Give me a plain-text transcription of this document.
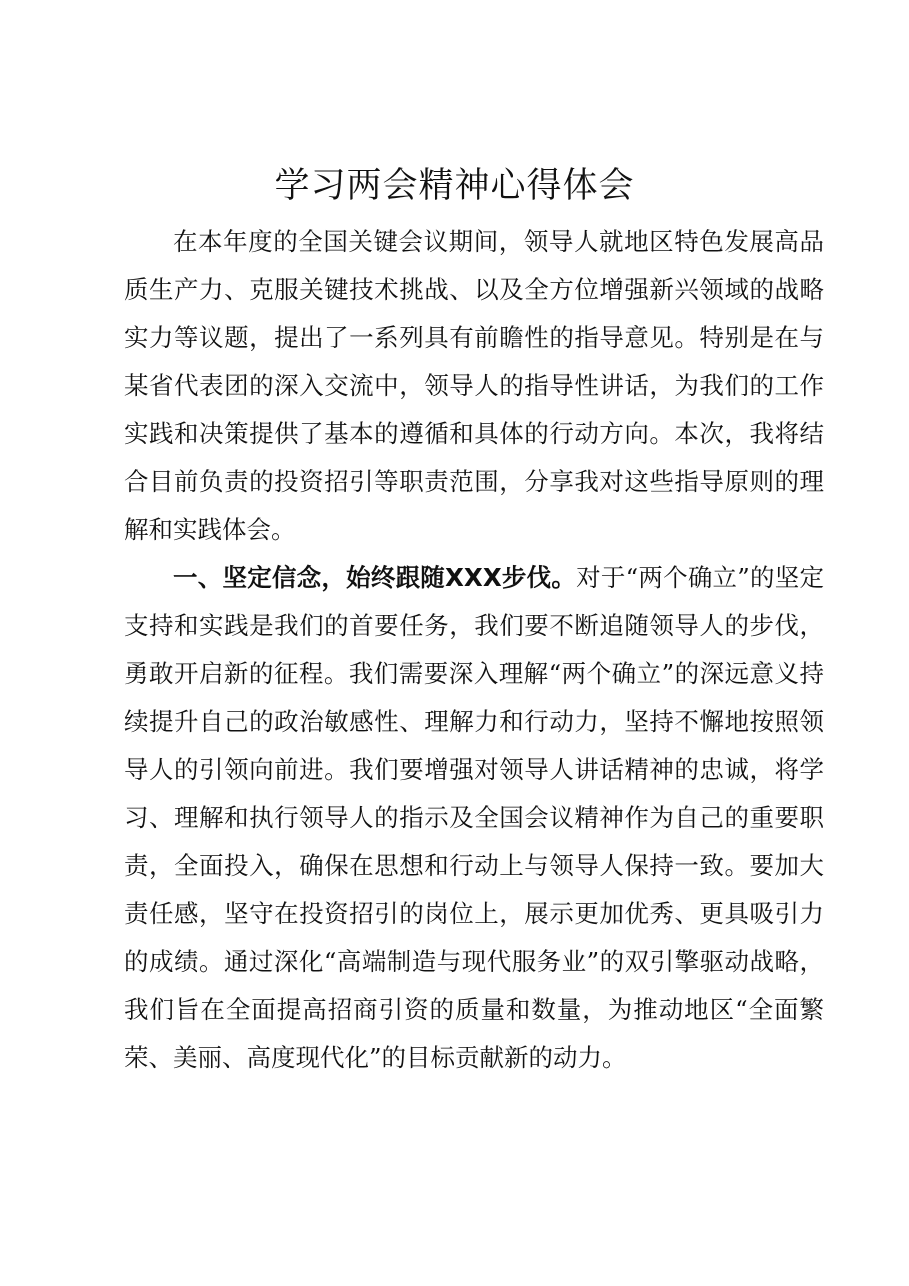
学习两会精神心得体会

在本年度的全国关键会议期间，领导人就地区特色发展高品质生产力、克服关键技术挑战、以及全方位增强新兴领域的战略实力等议题，提出了一系列具有前瞻性的指导意见。特别是在与某省代表团的深入交流中，领导人的指导性讲话，为我们的工作实践和决策提供了基本的遵循和具体的行动方向。本次，我将结合目前负责的投资招引等职责范围，分享我对这些指导原则的理解和实践体会。

一、坚定信念，始终跟随XXX步伐。对于“两个确立”的坚定支持和实践是我们的首要任务，我们要不断追随领导人的步伐，勇敢开启新的征程。我们需要深入理解“两个确立”的深远意义持续提升自己的政治敏感性、理解力和行动力，坚持不懈地按照领导人的引领向前进。我们要增强对领导人讲话精神的忠诚，将学习、理解和执行领导人的指示及全国会议精神作为自己的重要职责，全面投入，确保在思想和行动上与领导人保持一致。要加大责任感，坚守在投资招引的岗位上，展示更加优秀、更具吸引力的成绩。通过深化“高端制造与现代服务业”的双引擎驱动战略，我们旨在全面提高招商引资的质量和数量，为推动地区“全面繁荣、美丽、高度现代化”的目标贡献新的动力。
